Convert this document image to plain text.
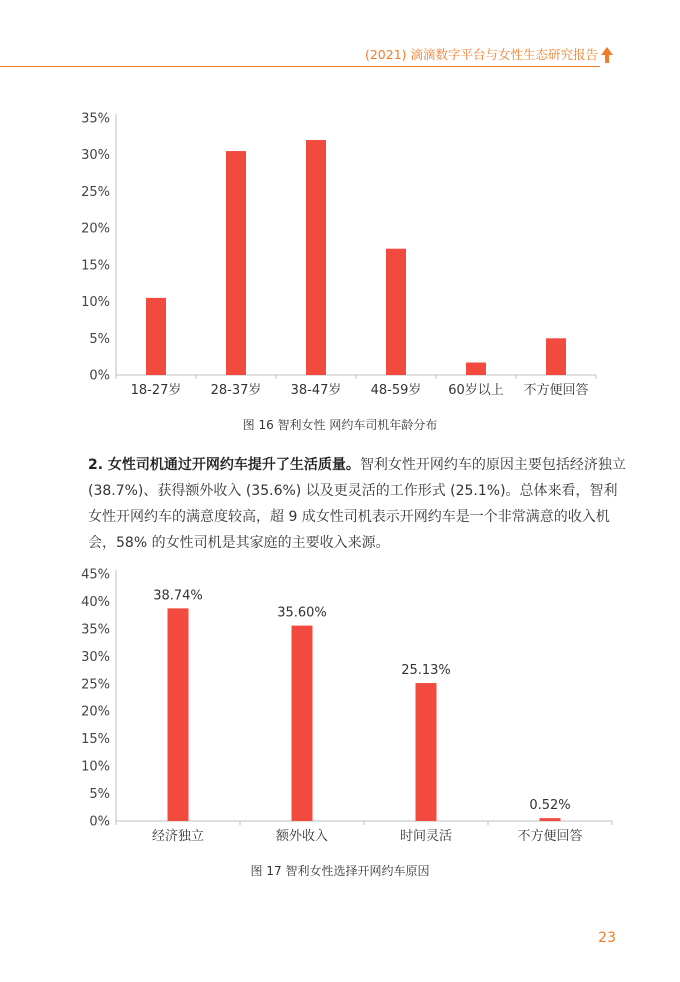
(2021) 滴滴数字平台与女性生态研究报告
0%
5%
10%
15%
20%
25%
30%
35%
18-27岁 28-37岁 38-47岁 48-59岁 60岁以上 不方便回答
图 16 智利女性 网约车司机年龄分布
2. 女性司机通过开网约车提升了生活质量。智利女性开网约车的原因主要包括经济独立 (38.7%)、获得额外收入 (35.6%) 以及更灵活的工作形式 (25.1%)。总体来看，智利女性开网约车的满意度较高，超 9 成女性司机表示开网约车是一个非常满意的收入机会，58% 的女性司机是其家庭的主要收入来源。
0%
5%
10%
15%
20%
25%
30%
35%
40%
45%
经济独立
38.74%
额外收入
35.60%
时间灵活
25.13%
不方便回答
0.52%
图 17 智利女性选择开网约车原因
23
